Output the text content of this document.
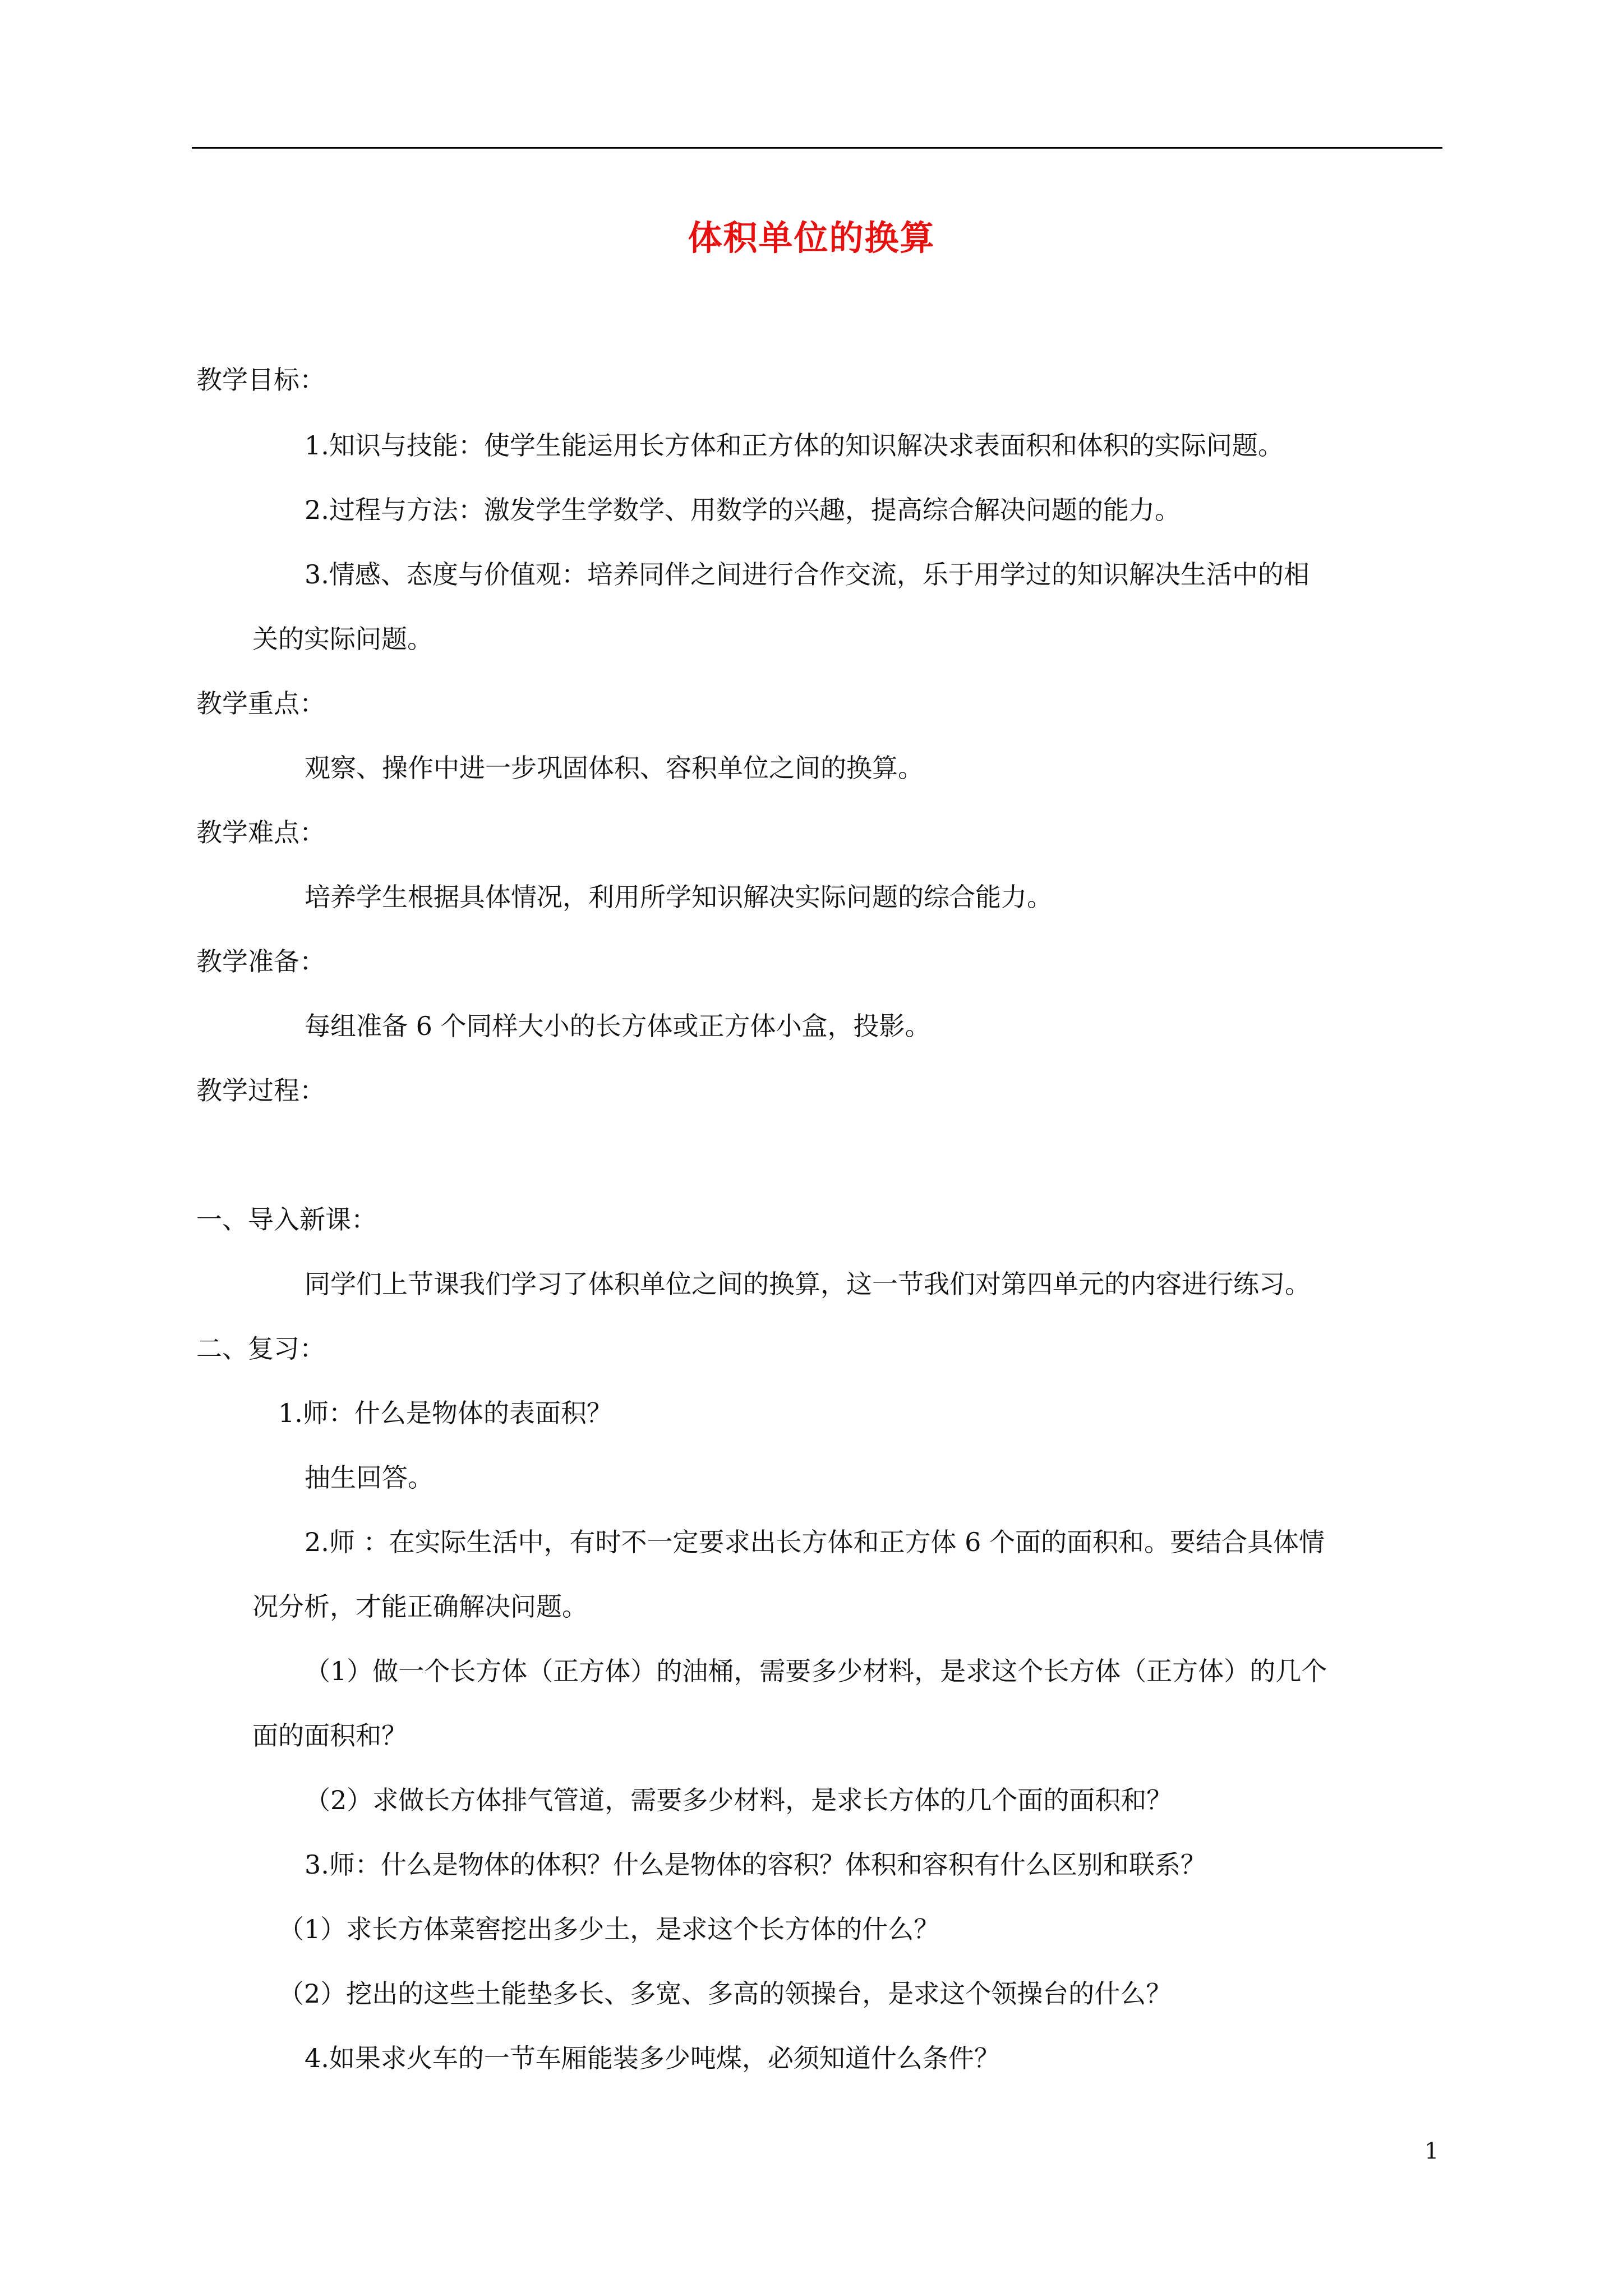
体积单位的换算
教学目标：
1.知识与技能：使学生能运用长方体和正方体的知识解决求表面积和体积的实际问题。
2.过程与方法：激发学生学数学、用数学的兴趣，提高综合解决问题的能力。
3.情感、态度与价值观：培养同伴之间进行合作交流，乐于用学过的知识解决生活中的相
关的实际问题。
教学重点：
观察、操作中进一步巩固体积、容积单位之间的换算。
教学难点：
培养学生根据具体情况，利用所学知识解决实际问题的综合能力。
教学准备：
每组准备 6 个同样大小的长方体或正方体小盒，投影。
教学过程：
一、导入新课：
同学们上节课我们学习了体积单位之间的换算，这一节我们对第四单元的内容进行练习。
二、复习：
1.师：什么是物体的表面积？
抽生回答。
2.师 ：在实际生活中，有时不一定要求出长方体和正方体 6 个面的面积和。要结合具体情
况分析，才能正确解决问题。
（1）做一个长方体（正方体）的油桶，需要多少材料，是求这个长方体（正方体）的几个
面的面积和？
（2）求做长方体排气管道，需要多少材料，是求长方体的几个面的面积和？
3.师：什么是物体的体积？什么是物体的容积？体积和容积有什么区别和联系？
（1）求长方体菜窖挖出多少土，是求这个长方体的什么？
（2）挖出的这些土能垫多长、多宽、多高的领操台，是求这个领操台的什么？
4.如果求火车的一节车厢能装多少吨煤，必须知道什么条件？
1
